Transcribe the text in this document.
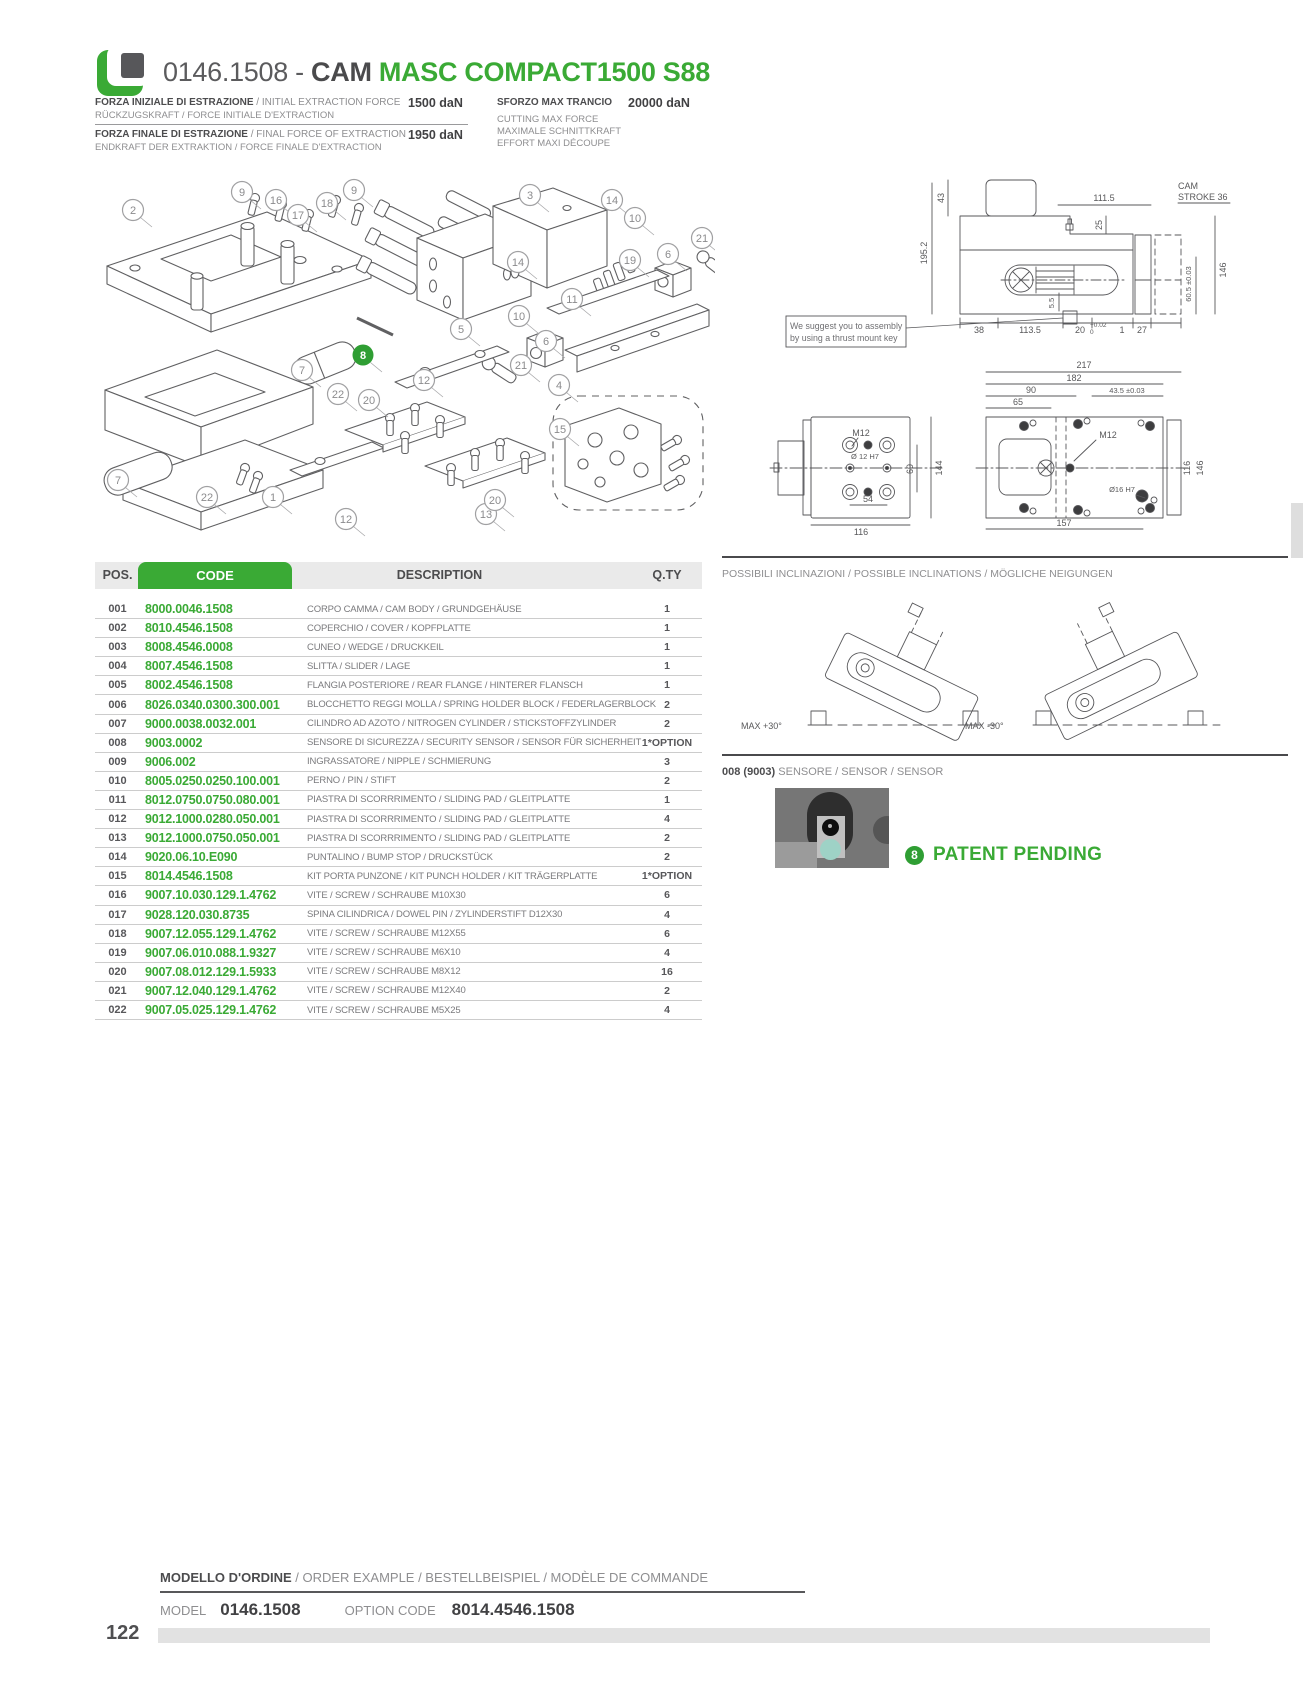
0146.1508 - CAM MASC COMPACT1500 S88
FORZA INIZIALE DI ESTRAZIONE / INITIAL EXTRACTION FORCE
RÜCKZUGSKRAFT / FORCE INITIALE D'EXTRACTION
1500 daN
FORZA FINALE DI ESTRAZIONE / FINAL FORCE OF EXTRACTION
ENDKRAFT DER EXTRAKTION / FORCE FINALE D'EXTRACTION
1950 daN
SFORZO MAX TRANCIO 20000 daN
CUTTING MAX FORCE
MAXIMALE SCHNITTKRAFT
EFFORT MAXI DÉCOUPE
2
9
16
17
18
9	3	14
10
21
6
19
14
11
10
5
6
21
8
7
22 20
12	4
15
1
7
22
12	13
20
195.2
43	111.5
25
CAM
STROKE 36
146
60.5 ±0.03
5.5
38	113.5	20 +0.02
0	1 27
We suggest you to assembly
by using a thrust mount key
M12
Ø 12 H7
69 144
54
116
217
182
90	43.5 ±0.03
65
M12
Ø16 H7
116 146
157
POSSIBILI INCLINAZIONI / POSSIBLE INCLINATIONS / MÖGLICHE NEIGUNGEN
MAX +30°	MAX -30°
008 (9003) SENSORE / SENSOR / SENSOR
8 PATENT PENDING
POS.	CODE	DESCRIPTION	Q.TY
001	8000.0046.1508	CORPO CAMMA / CAM BODY / GRUNDGEHÄUSE	1
002	8010.4546.1508	COPERCHIO / COVER / KOPFPLATTE	1
003	8008.4546.0008	CUNEO / WEDGE / DRUCKKEIL	1
004	8007.4546.1508	SLITTA / SLIDER / LAGE	1
005	8002.4546.1508	FLANGIA POSTERIORE / REAR FLANGE / HINTERER FLANSCH	1
006	8026.0340.0300.300.001	BLOCCHETTO REGGI MOLLA / SPRING HOLDER BLOCK / FEDERLAGERBLOCK 2
007	9000.0038.0032.001	CILINDRO AD AZOTO / NITROGEN CYLINDER / STICKSTOFFZYLINDER	2
008	9003.0002	SENSORE DI SICUREZZA / SECURITY SENSOR / SENSOR FÜR SICHERHEIT 1*OPTION
009	9006.002	INGRASSATORE / NIPPLE / SCHMIERUNG	3
010	8005.0250.0250.100.001	PERNO / PIN / STIFT	2
011	8012.0750.0750.080.001	PIASTRA DI SCORRRIMENTO / SLIDING PAD / GLEITPLATTE	1
012	9012.1000.0280.050.001	PIASTRA DI SCORRRIMENTO / SLIDING PAD / GLEITPLATTE	4
013	9012.1000.0750.050.001	PIASTRA DI SCORRRIMENTO / SLIDING PAD / GLEITPLATTE	2
014	9020.06.10.E090	PUNTALINO / BUMP STOP / DRUCKSTÜCK	2
015	8014.4546.1508	KIT PORTA PUNZONE / KIT PUNCH HOLDER / KIT TRÄGERPLATTE	1*OPTION
016	9007.10.030.129.1.4762	VITE / SCREW / SCHRAUBE M10X30	6
017	9028.120.030.8735	SPINA CILINDRICA / DOWEL PIN / ZYLINDERSTIFT D12X30	4
018	9007.12.055.129.1.4762	VITE / SCREW / SCHRAUBE M12X55	6
019	9007.06.010.088.1.9327	VITE / SCREW / SCHRAUBE M6X10	4
020	9007.08.012.129.1.5933	VITE / SCREW / SCHRAUBE M8X12	16
021	9007.12.040.129.1.4762	VITE / SCREW / SCHRAUBE M12X40	2
022	9007.05.025.129.1.4762	VITE / SCREW / SCHRAUBE M5X25	4
MODELLO D'ORDINE / ORDER EXAMPLE / BESTELLBEISPIEL / MODÈLE DE COMMANDE
MODEL 0146.1508	OPTION CODE 8014.4546.1508
122
